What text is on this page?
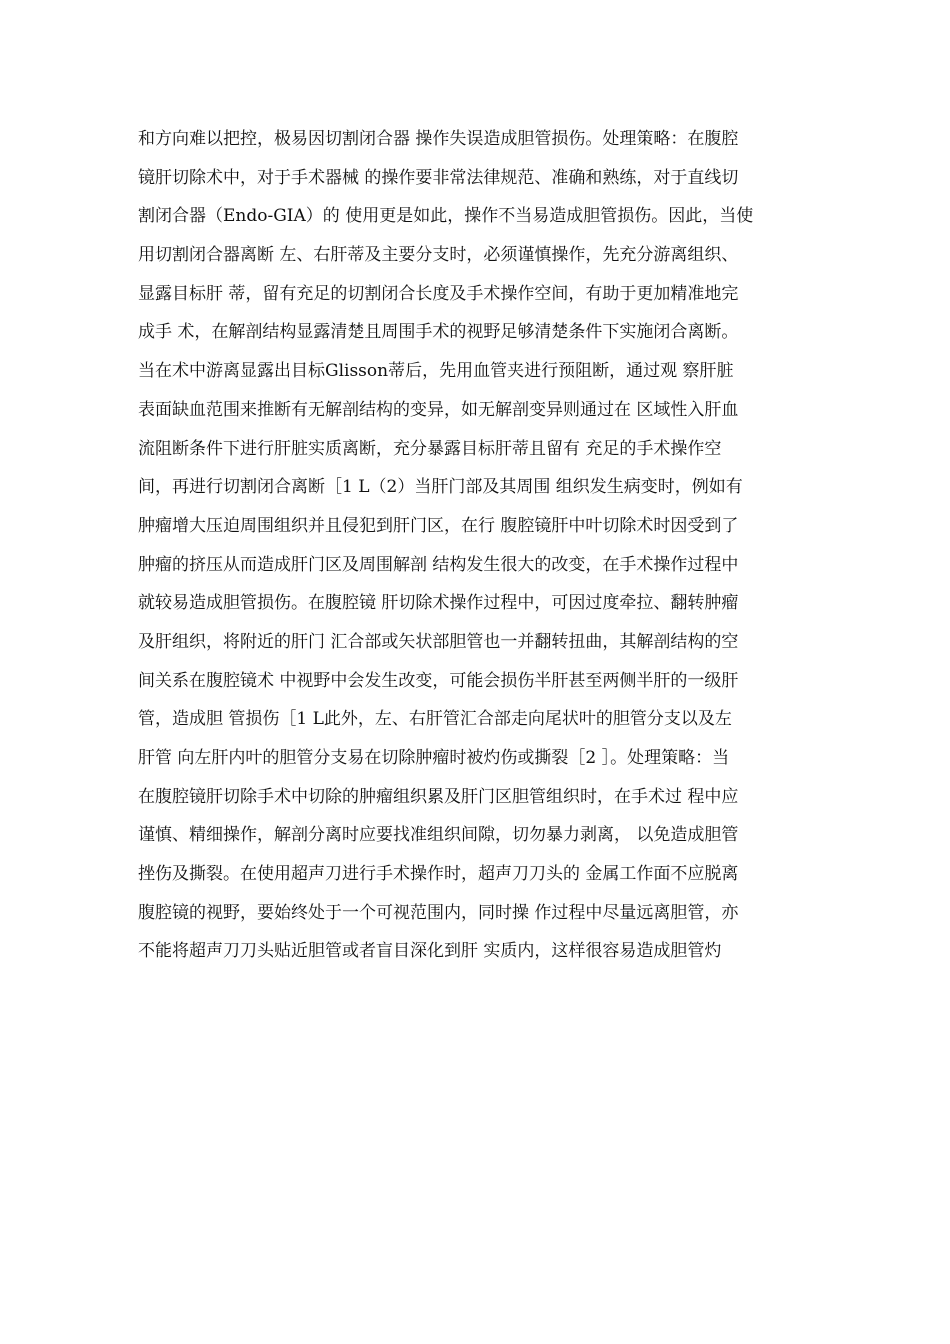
和方向难以把控，极易因切割闭合器 操作失误造成胆管损伤。处理策略：在腹腔
镜肝切除术中，对于手术器械 的操作要非常法律规范、准确和熟练，对于直线切
割闭合器（Endo-GIA）的 使用更是如此，操作不当易造成胆管损伤。因此，当使
用切割闭合器离断 左、右肝蒂及主要分支时，必须谨慎操作，先充分游离组织、
显露目标肝 蒂，留有充足的切割闭合长度及手术操作空间，有助于更加精准地完
成手 术，在解剖结构显露清楚且周围手术的视野足够清楚条件下实施闭合离断。
当在术中游离显露出目标Glisson蒂后，先用血管夹进行预阻断，通过观 察肝脏
表面缺血范围来推断有无解剖结构的变异，如无解剖变异则通过在 区域性入肝血
流阻断条件下进行肝脏实质离断，充分暴露目标肝蒂且留有 充足的手术操作空
间，再进行切割闭合离断［1 L（2）当肝门部及其周围 组织发生病变时，例如有
肿瘤增大压迫周围组织并且侵犯到肝门区，在行 腹腔镜肝中叶切除术时因受到了
肿瘤的挤压从而造成肝门区及周围解剖 结构发生很大的改变，在手术操作过程中
就较易造成胆管损伤。在腹腔镜 肝切除术操作过程中，可因过度牵拉、翻转肿瘤
及肝组织，将附近的肝门 汇合部或矢状部胆管也一并翻转扭曲，其解剖结构的空
间关系在腹腔镜术 中视野中会发生改变，可能会损伤半肝甚至两侧半肝的一级肝
管，造成胆 管损伤［1 L此外，左、右肝管汇合部走向尾状叶的胆管分支以及左
肝管 向左肝内叶的胆管分支易在切除肿瘤时被灼伤或撕裂［2 ］。处理策略：当
在腹腔镜肝切除手术中切除的肿瘤组织累及肝门区胆管组织时，在手术过 程中应
谨慎、精细操作，解剖分离时应要找准组织间隙，切勿暴力剥离， 以免造成胆管
挫伤及撕裂。在使用超声刀进行手术操作时，超声刀刀头的 金属工作面不应脱离
腹腔镜的视野，要始终处于一个可视范围内，同时操 作过程中尽量远离胆管，亦
不能将超声刀刀头贴近胆管或者盲目深化到肝 实质内，这样很容易造成胆管灼
